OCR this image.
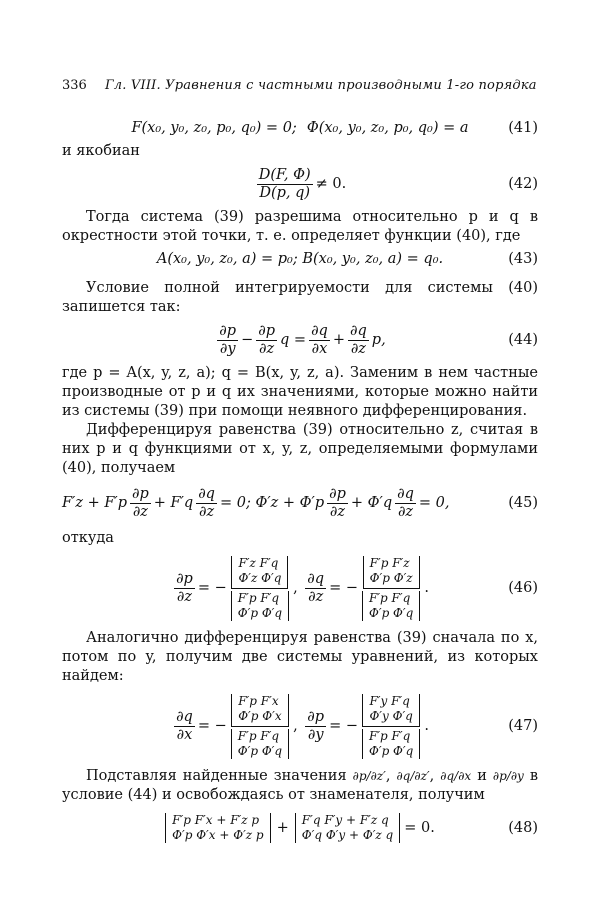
336 Гл. VIII. Уравнения с частными производными 1-го порядка
F(x₀, y₀, z₀, p₀, q₀) = 0; Φ(x₀, y₀, z₀, p₀, q₀) = a	(41)
и якобиан
$\frac{D(F, \Phi)}{D(p, q)} \ne 0$.	(42)
Тогда система (39) разрешима относительно p и q в окрестности этой точки, т. е. определяет функции (40), где
A(x₀, y₀, z₀, a) = p₀; B(x₀, y₀, z₀, a) = q₀.	(43)
Условие полной интегрируемости для системы (40) запишется так:
$\frac{\partial p}{\partial y} - \frac{\partial p}{\partial z}$ $q = \frac{\partial q}{\partial x} + \frac{\partial q}{\partial z} p$,	(44)
где p = A(x, y, z, a); q = B(x, y, z, a). Заменим в нем частные производные от p и q их значениями, которые можно найти из системы (39) при помощи неявного дифференцирования.
Дифференцируя равенства (39) относительно z, считая в них p и q функциями от x, y, z, определяемыми формулами (40), получаем
$F'z + F'p \frac{\partial p}{\partial z} + F'q \frac{\partial q}{\partial z} = 0$; $\Phi'z + \Phi'p \frac{\partial p}{\partial z} + \Phi'q \frac{\partial q}{\partial z} = 0$,	(45)
откуда
$\frac{\partial p}{\partial z}$ = − F′z F′q
Φ′z Φ′q
F′p F′q
Φ′p Φ′q , $\frac{\partial q}{\partial z}$ = − F′p F′z
Φ′p Φ′z
F′p F′q
Φ′p Φ′q .	(46)
Аналогично дифференцируя равенства (39) сначала по x, потом по y, получим две системы уравнений, из которых найдем:
$\frac{\partial q}{\partial x}$ = − F′p F′x
Φ′p Φ′x
F′p F′q
Φ′p Φ′q , $\frac{\partial p}{\partial y}$ = − F′y F′q
Φ′y Φ′q
F′p F′q
Φ′p Φ′q .	(47)
Подставляя найденные значения ∂p/∂z′, ∂q/∂z′, ∂q/∂x и ∂p/∂y в условие (44) и освобождаясь от знаменателя, получим
F′p F′x + F′z p
Φ′p Φ′x + Φ′z p + F′q F′y + F′z q
Φ′q Φ′y + Φ′z q = 0.	(48)
